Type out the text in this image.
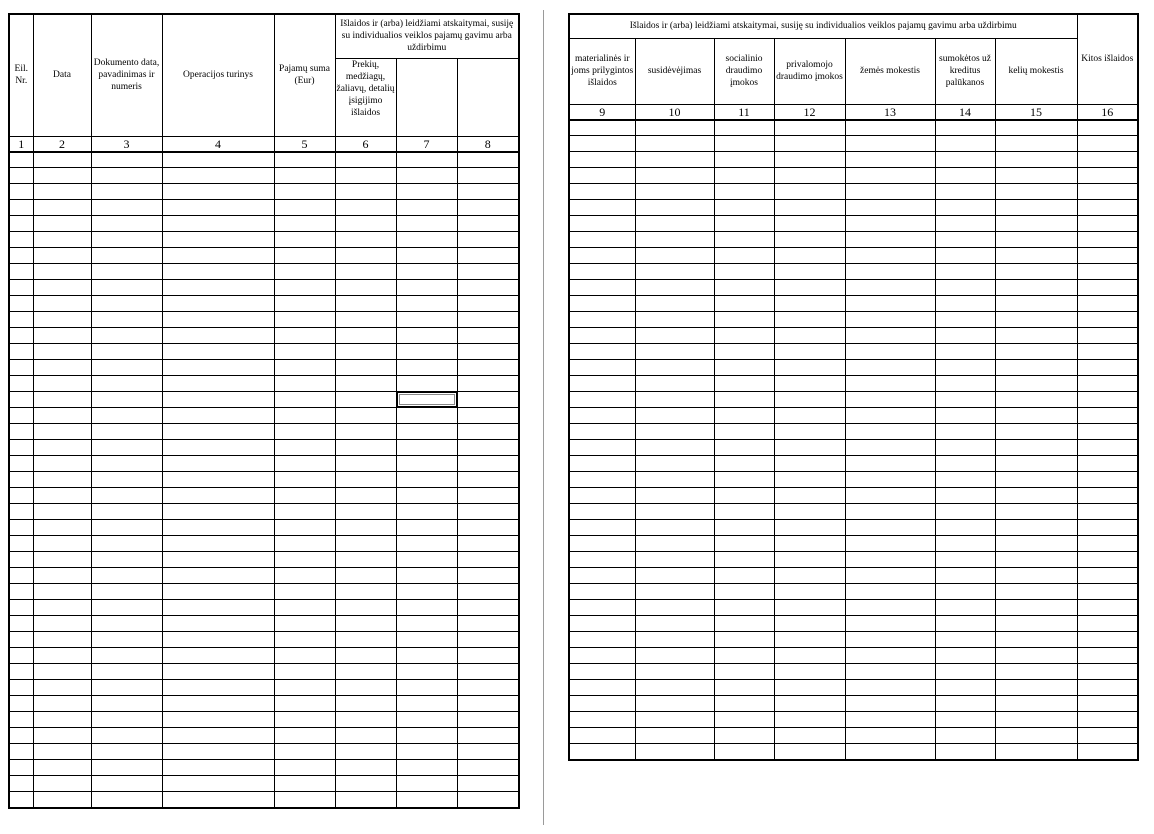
Eil. Nr.	Data	Dokumento data, pavadinimas ir numeris	Operacijos turinys	Pajamų suma (Eur)	Išlaidos ir (arba) leidžiami atskaitymai, susiję su individualios veiklos pajamų gavimu arba uždirbimu		

					Prekių, medžiagų, žaliavų, detalių įsigijimo išlaidos		

1	2	3	4	5	6	7	8

Išlaidos ir (arba) leidžiami atskaitymai, susiję su individualios veiklos pajamų gavimu arba uždirbimu							Kitos išlaidos
materialinės ir joms prilygintos išlaidos	susidėvėjimas	socialinio draudimo įmokos	privalomojo draudimo įmokos	žemės mokestis	sumokėtos už kreditus palūkanos	kelių mokestis	
9	10	11	12	13	14	15	16
